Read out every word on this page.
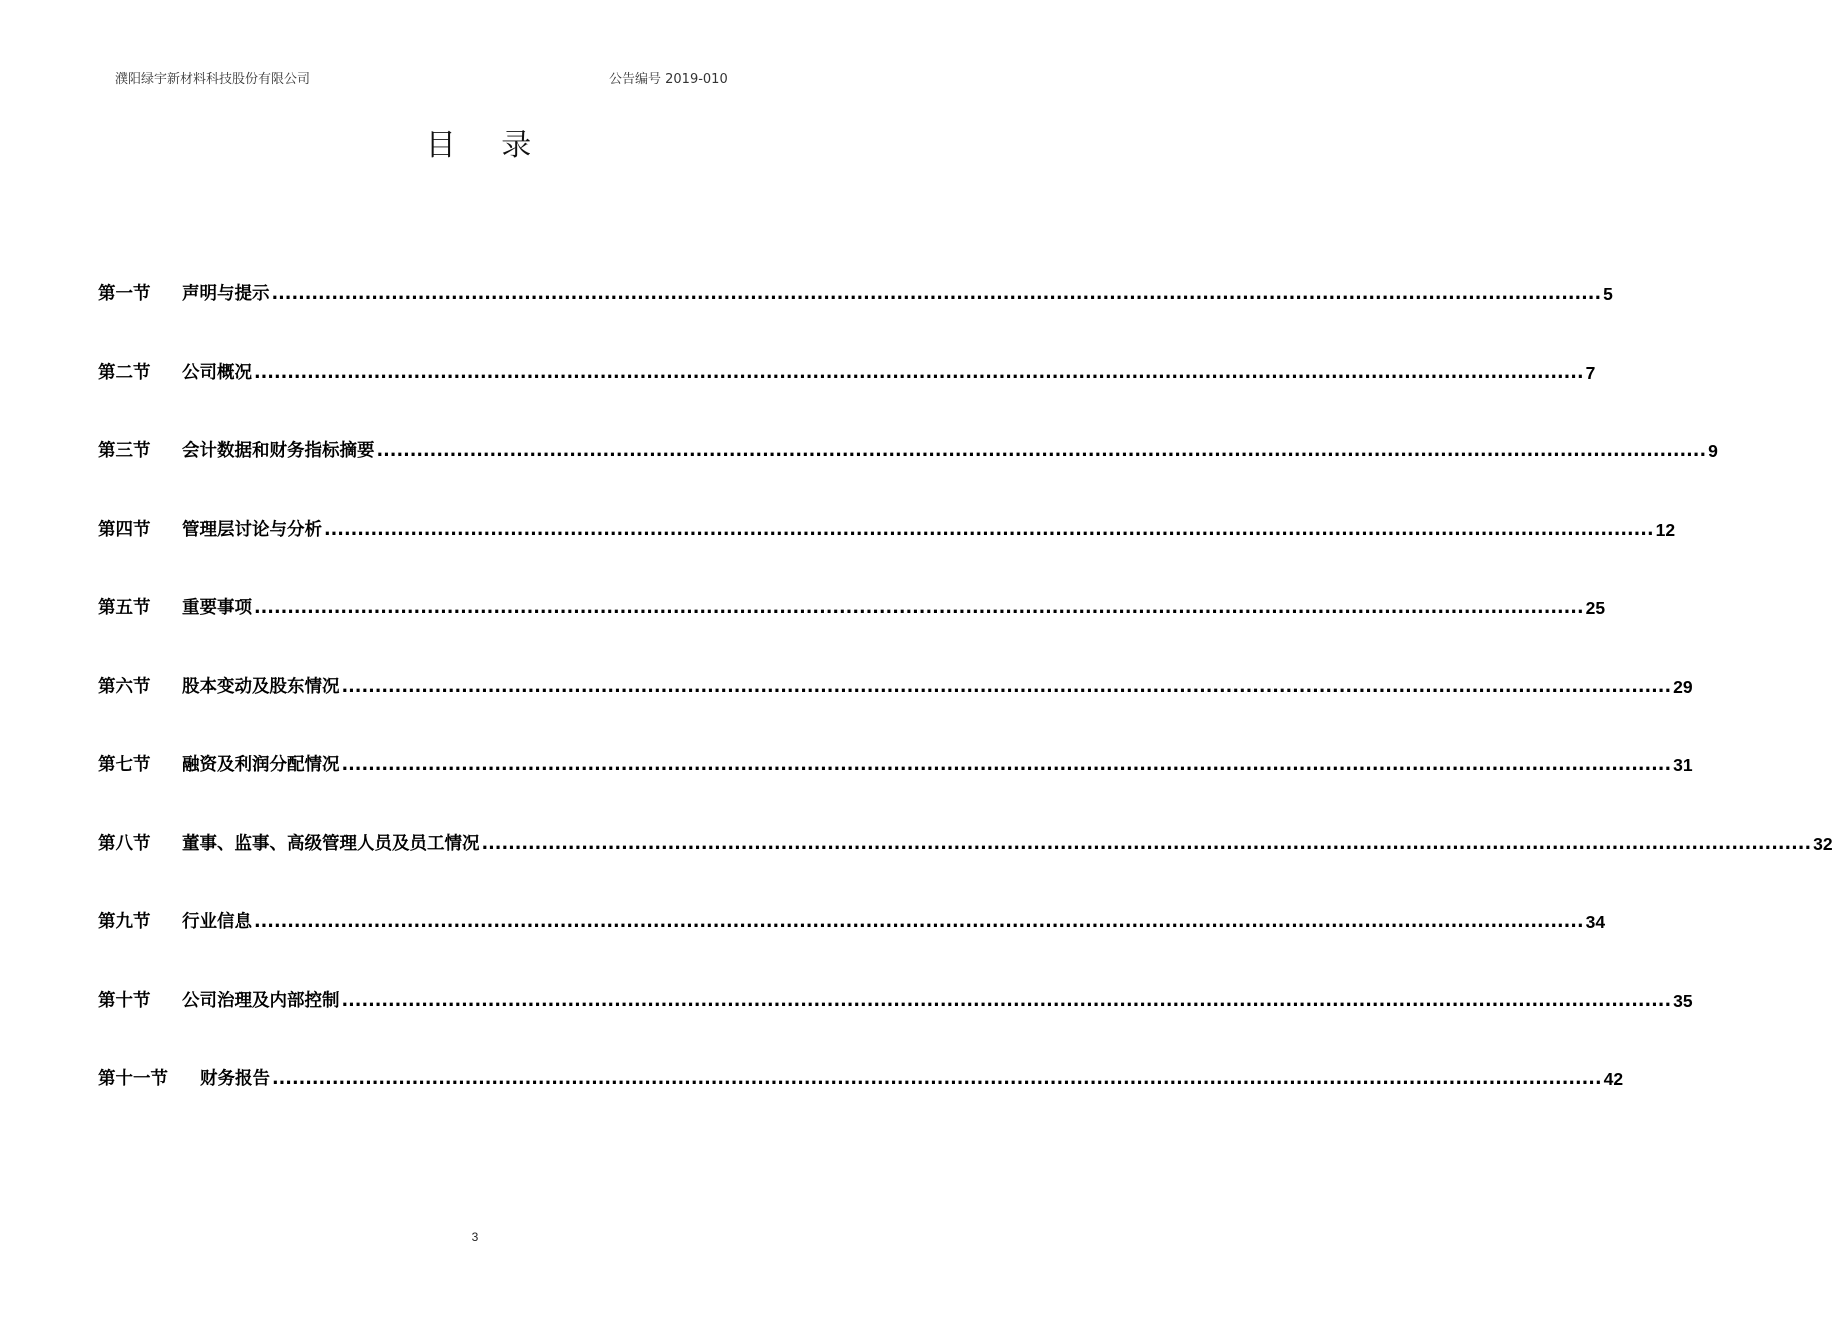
濮阳绿宇新材料科技股份有限公司	公告编号 2019-010
目 录
第一节	声明与提示 ........................................................................................................................................................................................................ 5
第二节	公司概况 ........................................................................................................................................................................................................ 7
第三节	会计数据和财务指标摘要 ........................................................................................................................................................................................................ 9
第四节	管理层讨论与分析 ........................................................................................................................................................................................................ 12
第五节	重要事项 ........................................................................................................................................................................................................ 25
第六节	股本变动及股东情况 ........................................................................................................................................................................................................ 29
第七节	融资及利润分配情况 ........................................................................................................................................................................................................ 31
第八节	董事、监事、高级管理人员及员工情况 ........................................................................................................................................................................................................ 32
第九节	行业信息 ........................................................................................................................................................................................................ 34
第十节	公司治理及内部控制 ........................................................................................................................................................................................................ 35
第十一节	财务报告 ........................................................................................................................................................................................................ 42
3
